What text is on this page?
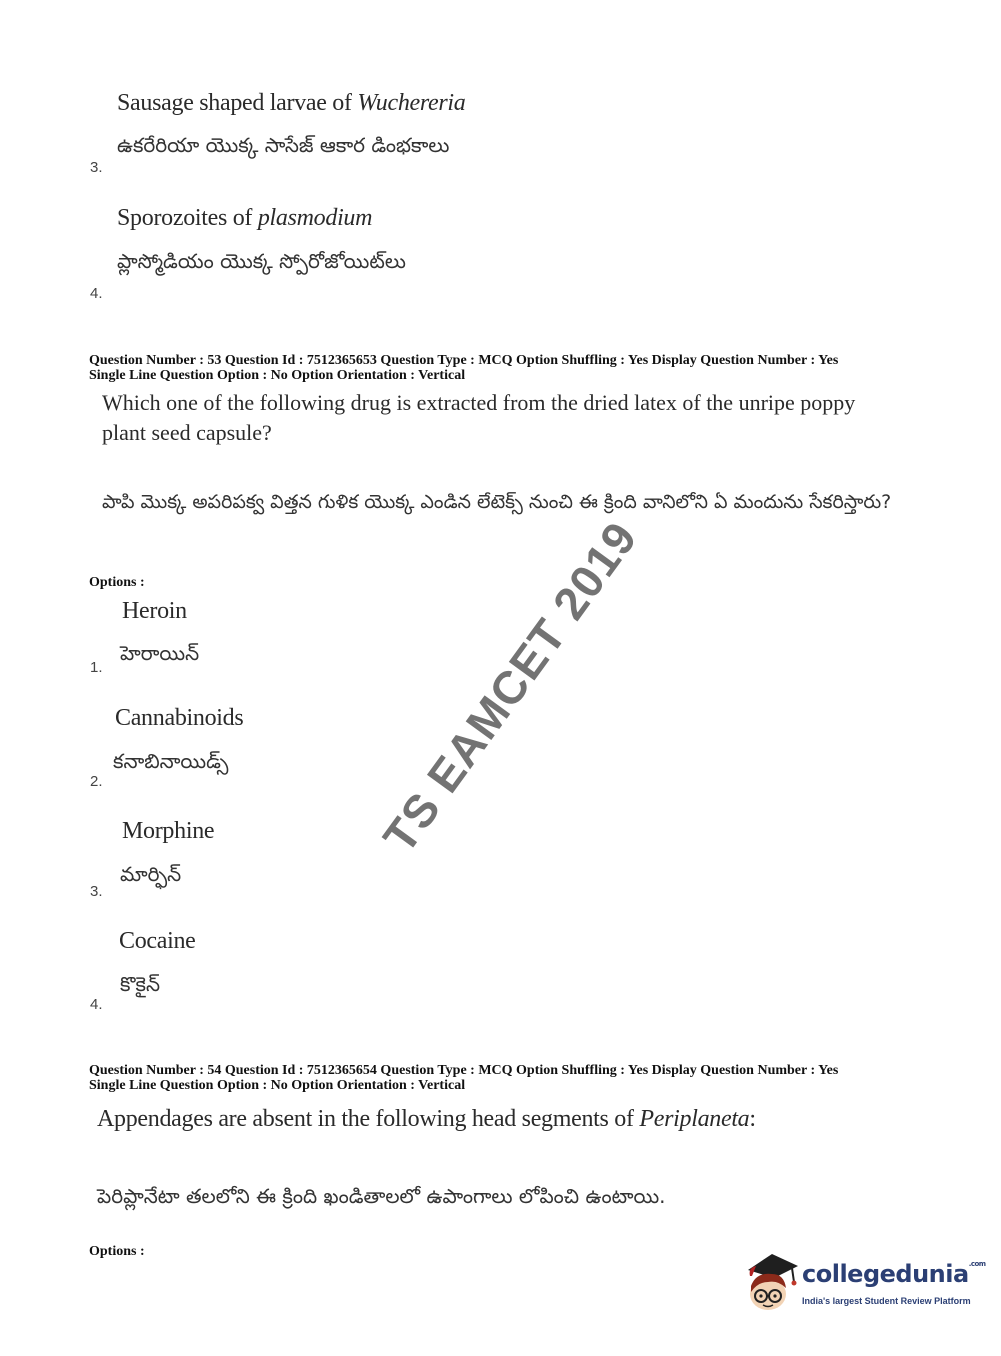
Sausage shaped larvae of Wuchereria
ఉకరేరియా యొక్క సాసేజ్ ఆకార డింభకాలు
3.
Sporozoites of plasmodium
ప్లాస్మోడియం యొక్క స్పోరోజోయిట్‌లు
4.
Question Number : 53 Question Id : 7512365653 Question Type : MCQ Option Shuffling : Yes Display Question Number : Yes
Single Line Question Option : No Option Orientation : Vertical
Which one of the following drug is extracted from the dried latex of the unripe poppy plant seed capsule?
పాపి మొక్క అపరిపక్వ విత్తన గుళిక యొక్క ఎండిన లేటెక్స్ నుంచి ఈ క్రింది వానిలోని ఏ మందును సేకరిస్తారు?
Options :
Heroin
హెరాయిన్
1.
Cannabinoids
కనాబినాయిడ్స్
2.
Morphine
మార్ఫిన్
3.
Cocaine
కొకైన్
4.
Question Number : 54 Question Id : 7512365654 Question Type : MCQ Option Shuffling : Yes Display Question Number : Yes
Single Line Question Option : No Option Orientation : Vertical
Appendages are absent in the following head segments of Periplaneta:
పెరిప్లానేటా తలలోని ఈ క్రింది ఖండితాలలో ఉపాంగాలు లోపించి ఉంటాయి.
Options :
TS EAMCET 2019
collegedunia$^{.com}$
India's largest Student Review Platform
